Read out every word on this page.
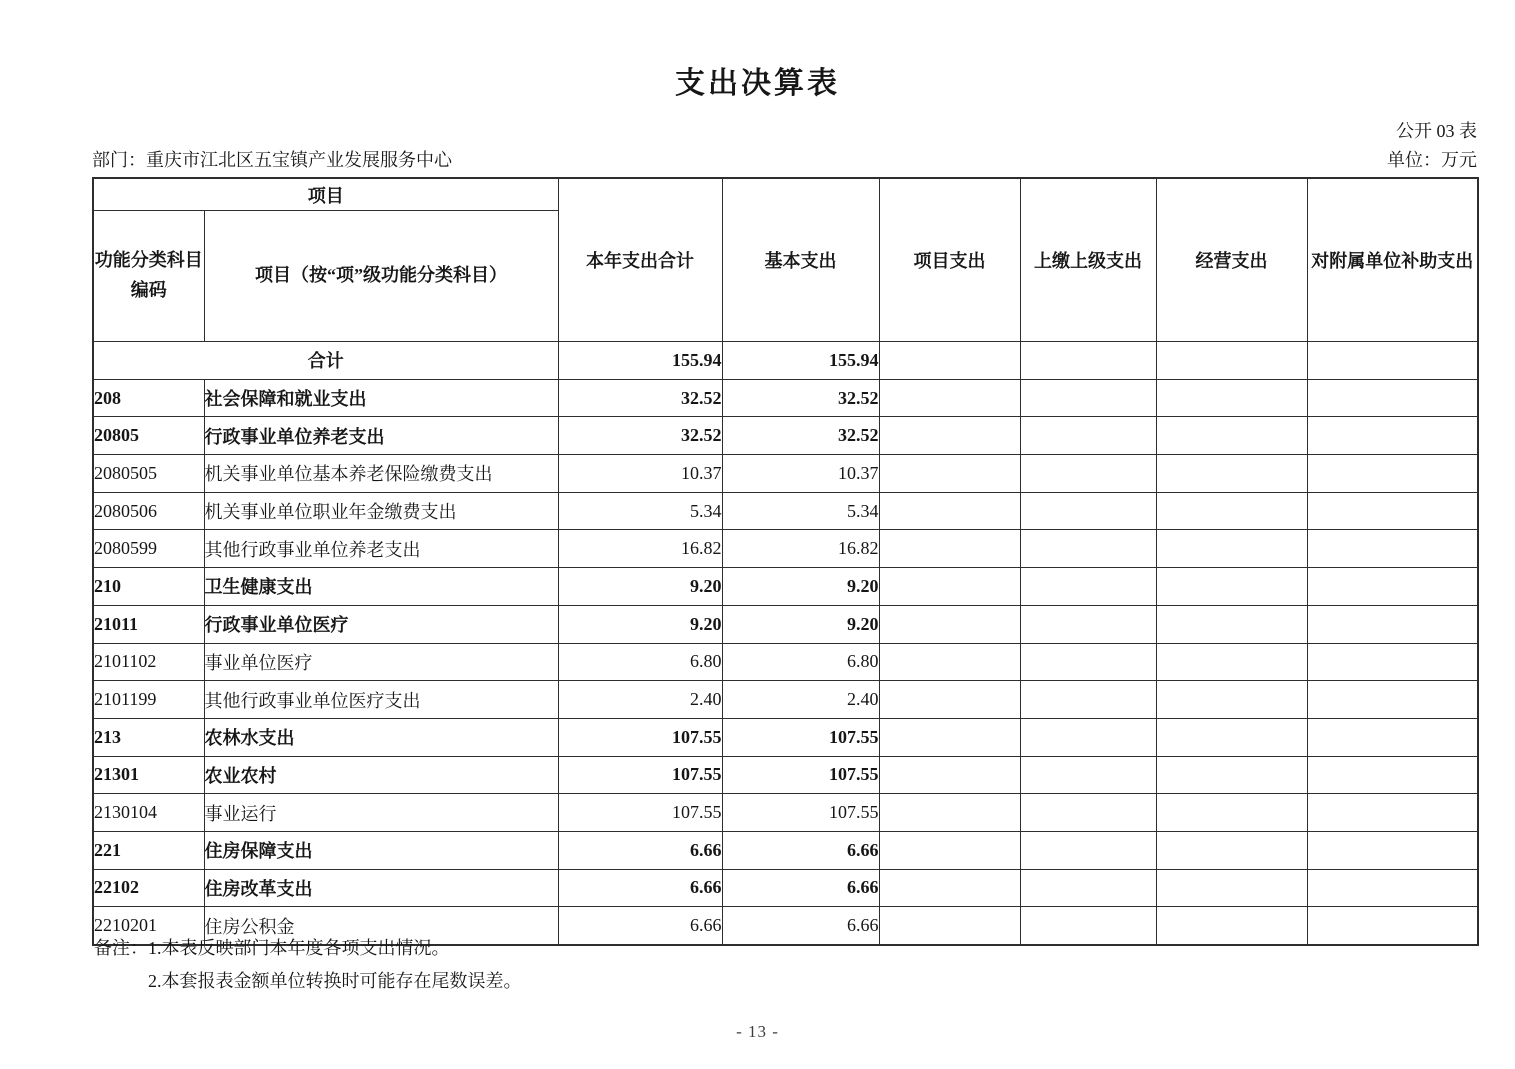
支出决算表
公开 03 表
部门：重庆市江北区五宝镇产业发展服务中心	单位：万元
项目		本年支出合计	基本支出	项目支出	上缴上级支出	经营支出	对附属单位补助支出
功能分类科目
编码	项目（按“项”级功能分类科目）						
合计		155.94	155.94				
208	社会保障和就业支出	32.52	32.52				
20805	行政事业单位养老支出	32.52	32.52				
2080505	机关事业单位基本养老保险缴费支出	10.37	10.37				
2080506	机关事业单位职业年金缴费支出	5.34	5.34				
2080599	其他行政事业单位养老支出	16.82	16.82				
210	卫生健康支出	9.20	9.20				
21011	行政事业单位医疗	9.20	9.20				
2101102	事业单位医疗	6.80	6.80				
2101199	其他行政事业单位医疗支出	2.40	2.40				
213	农林水支出	107.55	107.55				
21301	农业农村	107.55	107.55				
2130104	事业运行	107.55	107.55				
221	住房保障支出	6.66	6.66				
22102	住房改革支出	6.66	6.66				
2210201	住房公积金	6.66	6.66				
备注：1.本表反映部门本年度各项支出情况。
2.本套报表金额单位转换时可能存在尾数误差。
- 13 -
